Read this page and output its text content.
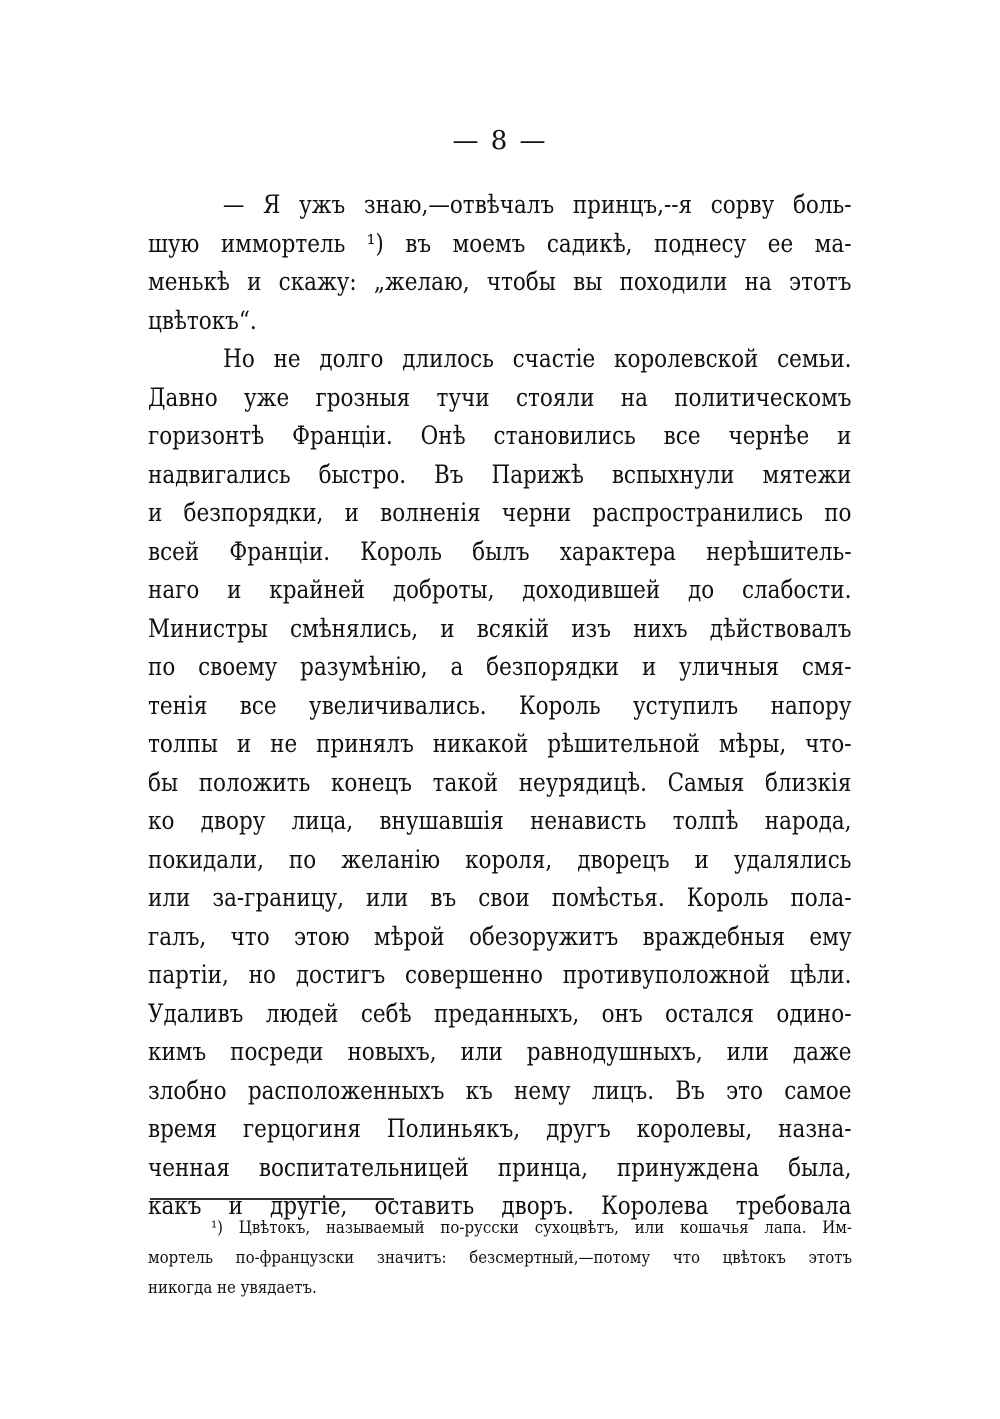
— 8 —
— Я ужъ знаю,—отвѣчалъ принцъ,--я сорву боль-
шую иммортель ¹) въ моемъ садикѣ, поднесу ее ма-
менькѣ и скажу: „желаю, чтобы вы походили на этотъ
цвѣтокъ“.
Но не долго длилось счастіе королевской семьи.
Давно уже грозныя тучи стояли на политическомъ
горизонтѣ Франціи. Онѣ становились все чернѣе и
надвигались быстро. Въ Парижѣ вспыхнули мятежи
и безпорядки, и волненія черни распространились по
всей Франціи. Король былъ характера нерѣшитель-
наго и крайней доброты, доходившей до слабости.
Министры смѣнялись, и всякій изъ нихъ дѣйствовалъ
по своему разумѣнію, а безпорядки и уличныя смя-
тенія все увеличивались. Король уступилъ напору
толпы и не принялъ никакой рѣшительной мѣры, что-
бы положить конецъ такой неурядицѣ. Самыя близкія
ко двору лица, внушавшія ненависть толпѣ народа,
покидали, по желанію короля, дворецъ и удалялись
или за-границу, или въ свои помѣстья. Король пола-
галъ, что этою мѣрой обезоружитъ враждебныя ему
партіи, но достигъ совершенно противуположной цѣли.
Удаливъ людей себѣ преданныхъ, онъ остался одино-
кимъ посреди новыхъ, или равнодушныхъ, или даже
злобно расположенныхъ къ нему лицъ. Въ это самое
время герцогиня Полиньякъ, другъ королевы, назна-
ченная воспитательницей принца, принуждена была,
какъ и другіе, оставить дворъ. Королева требовала
¹) Цвѣтокъ, называемый по-русски сухоцвѣтъ, или кошачья лапа. Им-
мортель по-французски значитъ: безсмертный,—потому что цвѣтокъ этотъ
никогда не увядаетъ.
